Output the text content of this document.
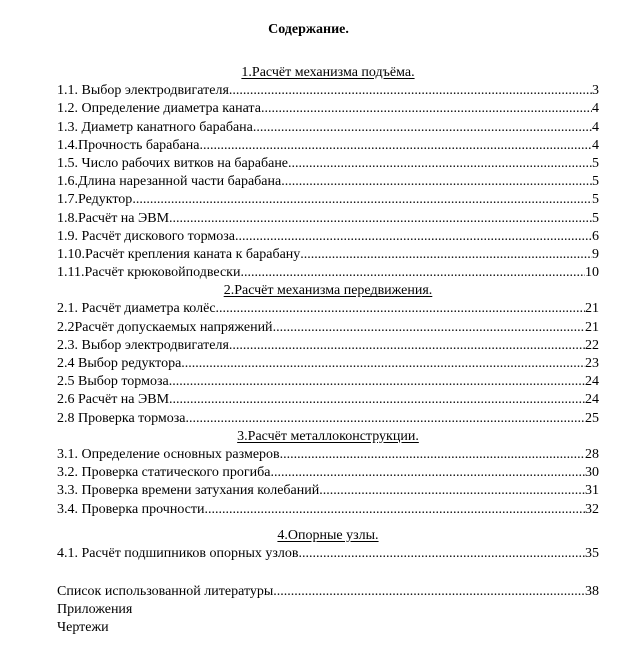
Содержание.
1.Расчёт механизма подъёма.
1.1. Выбор электродвигателя .....	3
1.2. Определение диаметра каната .....	4
1.3. Диаметр канатного барабана .....	4
1.4.Прочность барабана .....	4
1.5. Число рабочих витков на барабане .....	5
1.6.Длина нарезанной части барабана .....	5
1.7.Редуктор .....	5
1.8.Расчёт на ЭВМ .....	5
1.9. Расчёт дискового тормоза .....	6
1.10.Расчёт крепления каната к барабану .....	9
1.11.Расчёт крюковойподвески .....	10
2.Расчёт механизма передвижения.
2.1. Расчёт диаметра колёс .....	21
2.2Расчёт допускаемых напряжений .....	21
2.3. Выбор электродвигателя .....	22
2.4 Выбор редуктора .....	23
2.5 Выбор тормоза .....	24
2.6 Расчёт на ЭВМ .....	24
2.8 Проверка тормоза .....	25
3.Расчёт металлоконструкции.
3.1. Определение основных размеров .....	28
3.2. Проверка статического прогиба .....	30
3.3. Проверка времени затухания колебаний .....	31
3.4. Проверка прочности .....	32
4.Опорные узлы.
4.1. Расчёт подшипников опорных узлов .....	35
Список использованной литературы .....	38
Приложения
Чертежи
